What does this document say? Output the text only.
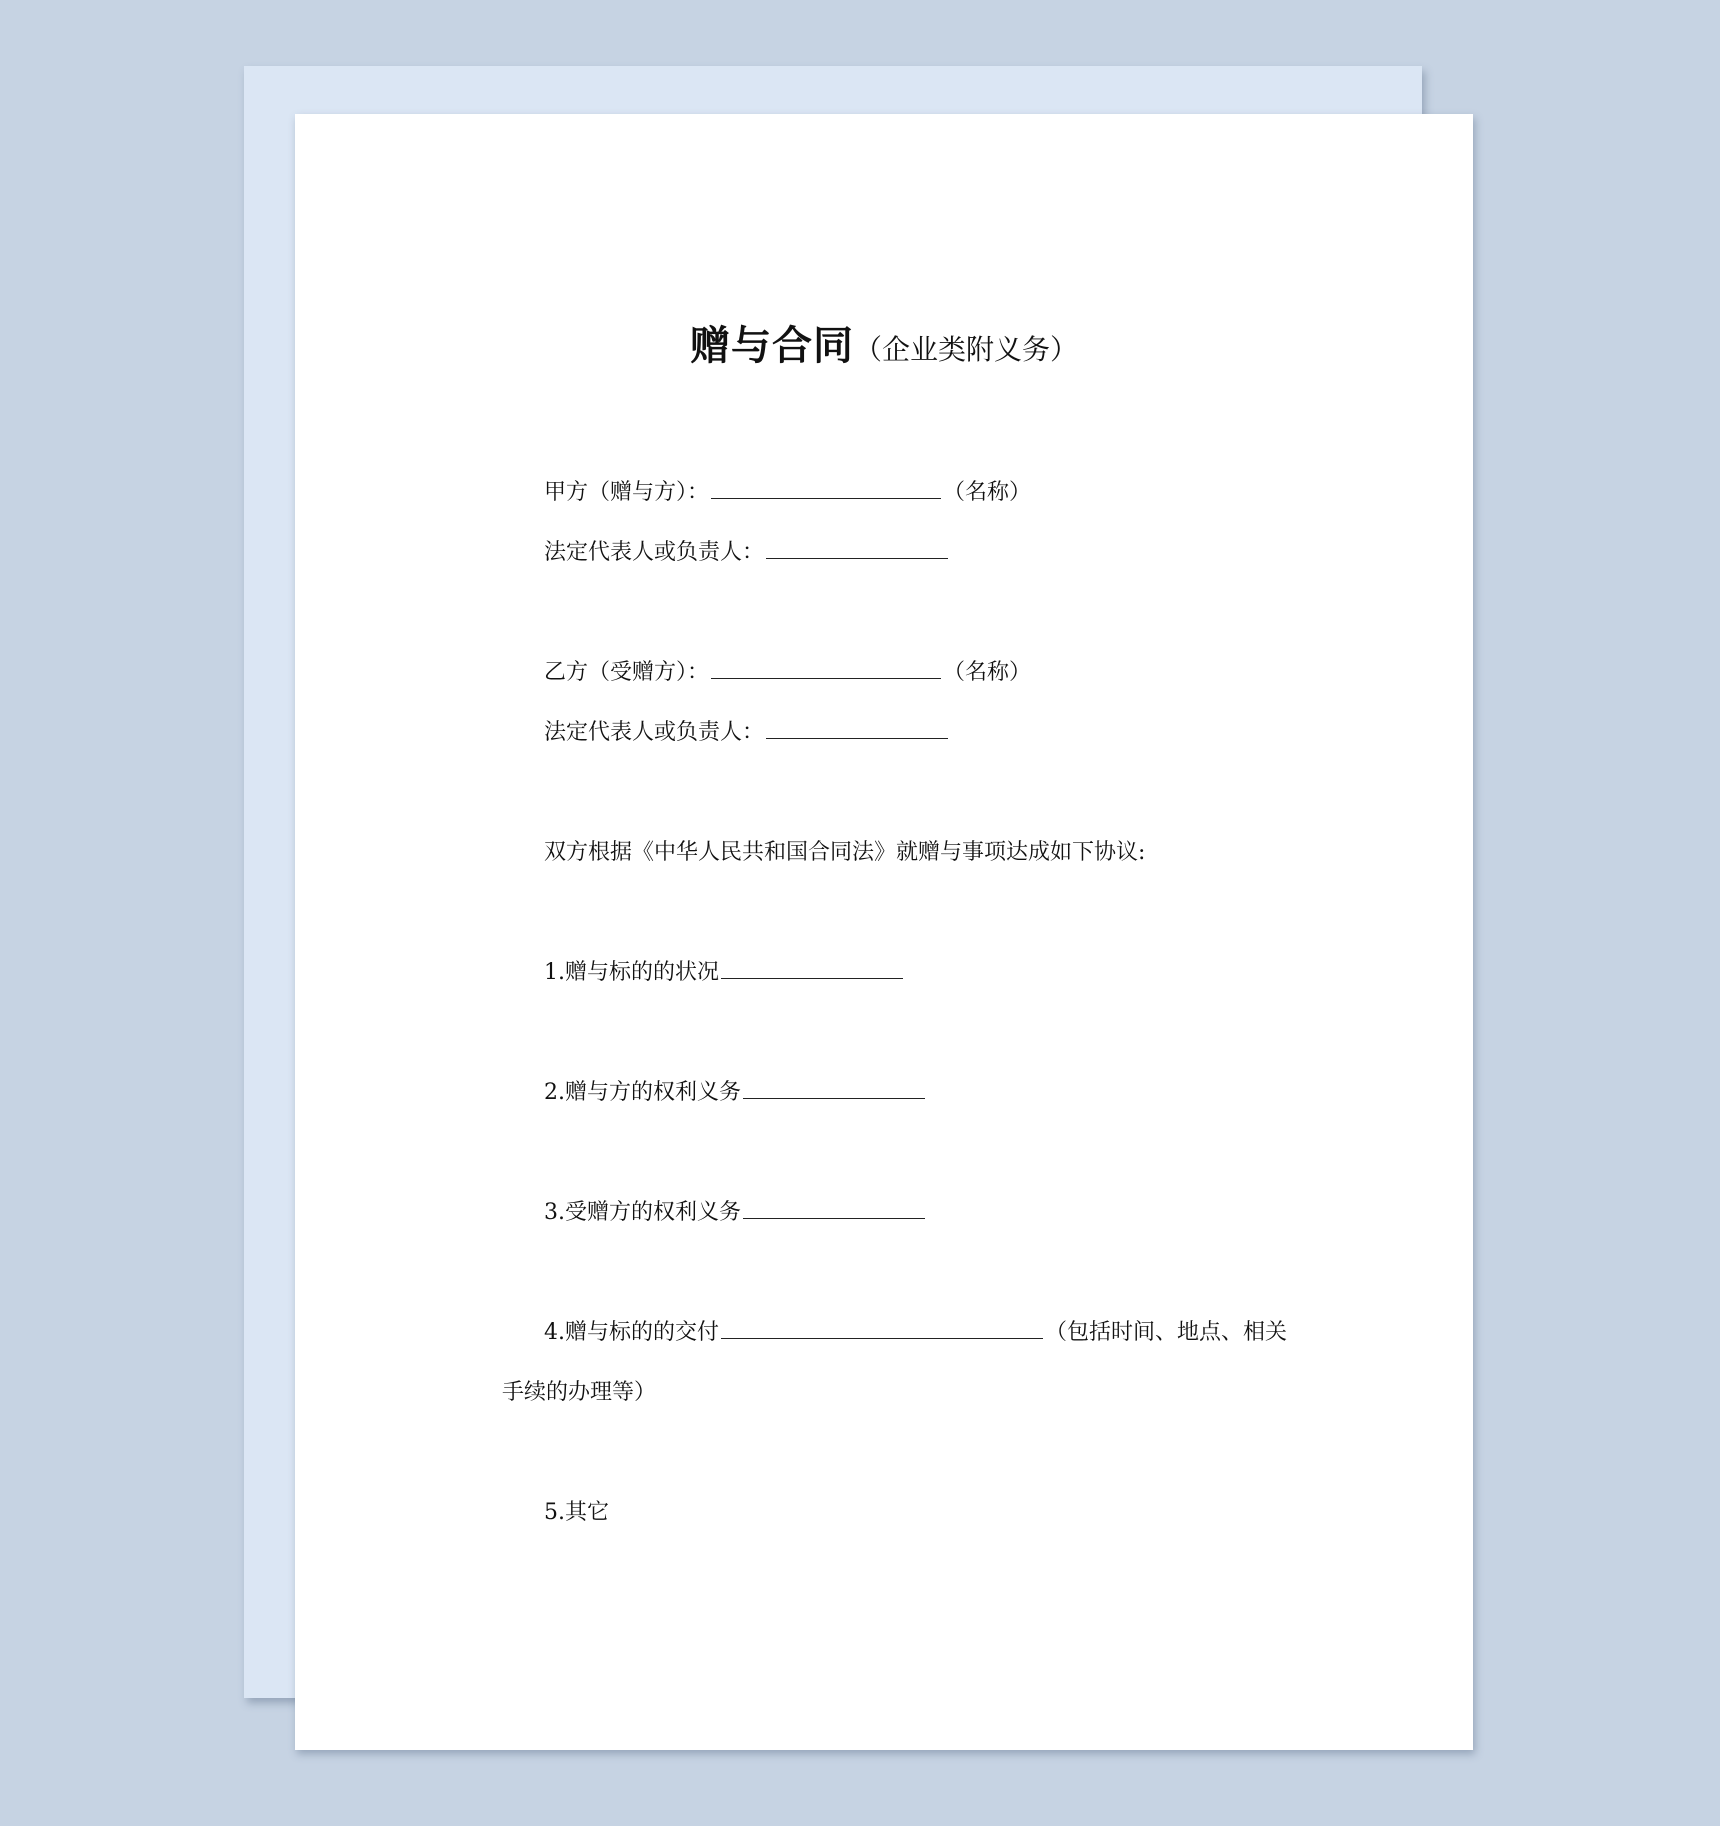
赠与合同（企业类附义务）
甲方（赠与方）：	（名称）
法定代表人或负责人：
乙方（受赠方）：	（名称）
法定代表人或负责人：
双方根据《中华人民共和国合同法》就赠与事项达成如下协议:
1.赠与标的的状况
2.赠与方的权利义务
3.受赠方的权利义务
4.赠与标的的交付	（包括时间、地点、相关
手续的办理等）
5.其它
